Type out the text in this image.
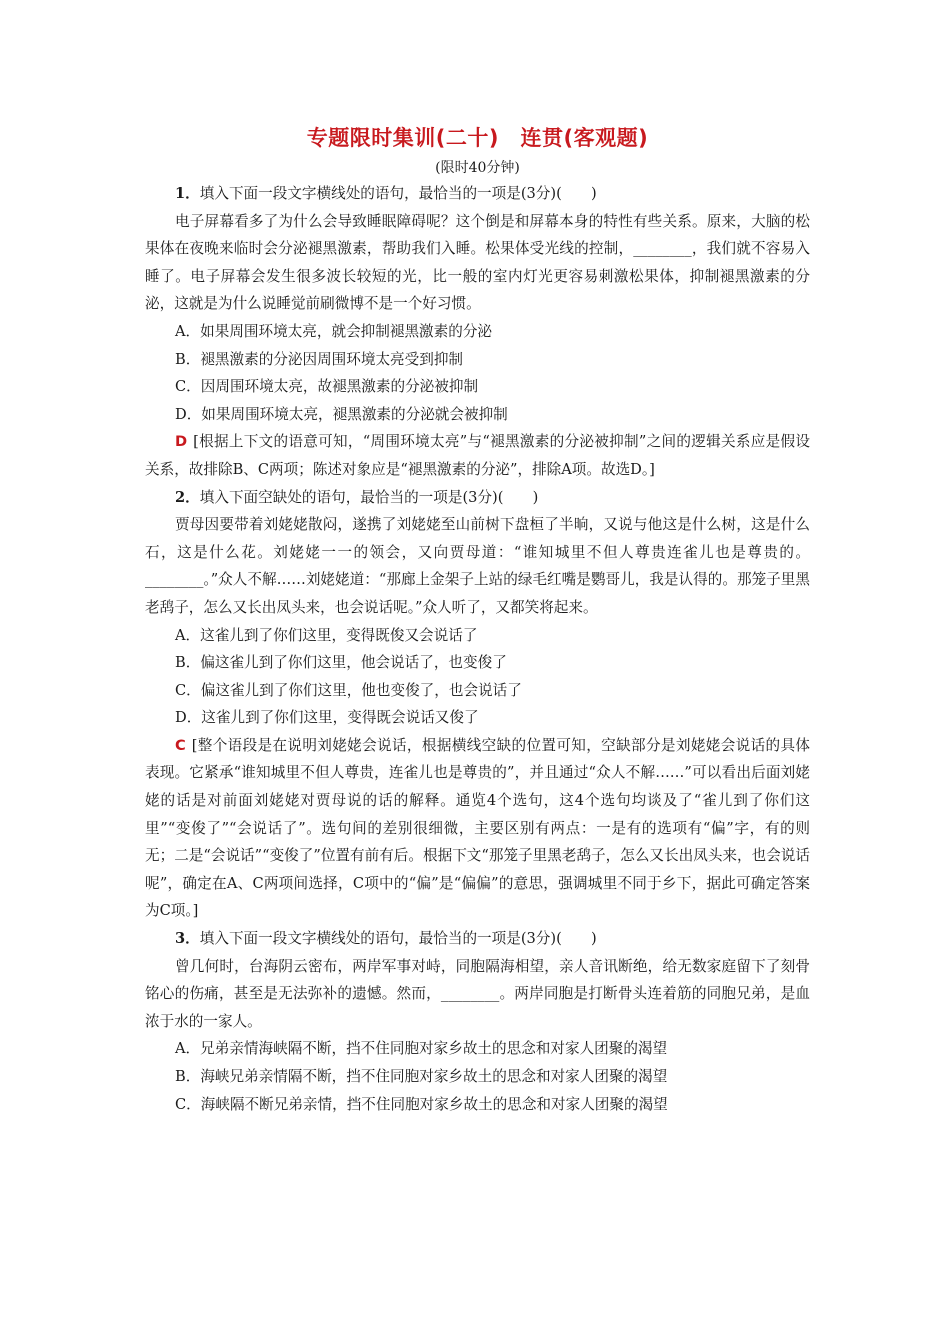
专题限时集训(二十)　连贯(客观题)
(限时40分钟)

1．填入下面一段文字横线处的语句，最恰当的一项是(3分)(　　)

电子屏幕看多了为什么会导致睡眠障碍呢？这个倒是和屏幕本身的特性有些关系。原来，大脑的松果体在夜晚来临时会分泌褪黑激素，帮助我们入睡。松果体受光线的控制，________，我们就不容易入睡了。电子屏幕会发生很多波长较短的光，比一般的室内灯光更容易刺激松果体，抑制褪黑激素的分泌，这就是为什么说睡觉前刷微博不是一个好习惯。

A．如果周围环境太亮，就会抑制褪黑激素的分泌

B．褪黑激素的分泌因周围环境太亮受到抑制

C．因周围环境太亮，故褪黑激素的分泌被抑制

D．如果周围环境太亮，褪黑激素的分泌就会被抑制

D [根据上下文的语意可知，“周围环境太亮”与“褪黑激素的分泌被抑制”之间的逻辑关系应是假设关系，故排除B、C两项；陈述对象应是“褪黑激素的分泌”，排除A项。故选D。]

2．填入下面空缺处的语句，最恰当的一项是(3分)(　　)

贾母因要带着刘姥姥散闷，遂携了刘姥姥至山前树下盘桓了半晌，又说与他这是什么树，这是什么石，这是什么花。刘姥姥一一的领会，又向贾母道：“谁知城里不但人尊贵连雀儿也是尊贵的。________。”众人不解……刘姥姥道：“那廊上金架子上站的绿毛红嘴是鹦哥儿，我是认得的。那笼子里黑老鸹子，怎么又长出凤头来，也会说话呢。”众人听了，又都笑将起来。

A．这雀儿到了你们这里，变得既俊又会说话了

B．偏这雀儿到了你们这里，他会说话了，也变俊了

C．偏这雀儿到了你们这里，他也变俊了，也会说话了

D．这雀儿到了你们这里，变得既会说话又俊了

C [整个语段是在说明刘姥姥会说话，根据横线空缺的位置可知，空缺部分是刘姥姥会说话的具体表现。它紧承“谁知城里不但人尊贵，连雀儿也是尊贵的”，并且通过“众人不解……”可以看出后面刘姥姥的话是对前面刘姥姥对贾母说的话的解释。通览4个选句，这4个选句均谈及了“雀儿到了你们这里”“变俊了”“会说话了”。选句间的差别很细微，主要区别有两点：一是有的选项有“偏”字，有的则无；二是“会说话”“变俊了”位置有前有后。根据下文“那笼子里黑老鸹子，怎么又长出凤头来，也会说话呢”，确定在A、C两项间选择，C项中的“偏”是“偏偏”的意思，强调城里不同于乡下，据此可确定答案为C项。]

3．填入下面一段文字横线处的语句，最恰当的一项是(3分)(　　)

曾几何时，台海阴云密布，两岸军事对峙，同胞隔海相望，亲人音讯断绝，给无数家庭留下了刻骨铭心的伤痛，甚至是无法弥补的遗憾。然而，________。两岸同胞是打断骨头连着筋的同胞兄弟，是血浓于水的一家人。

A．兄弟亲情海峡隔不断，挡不住同胞对家乡故土的思念和对家人团聚的渴望

B．海峡兄弟亲情隔不断，挡不住同胞对家乡故土的思念和对家人团聚的渴望

C．海峡隔不断兄弟亲情，挡不住同胞对家乡故土的思念和对家人团聚的渴望
